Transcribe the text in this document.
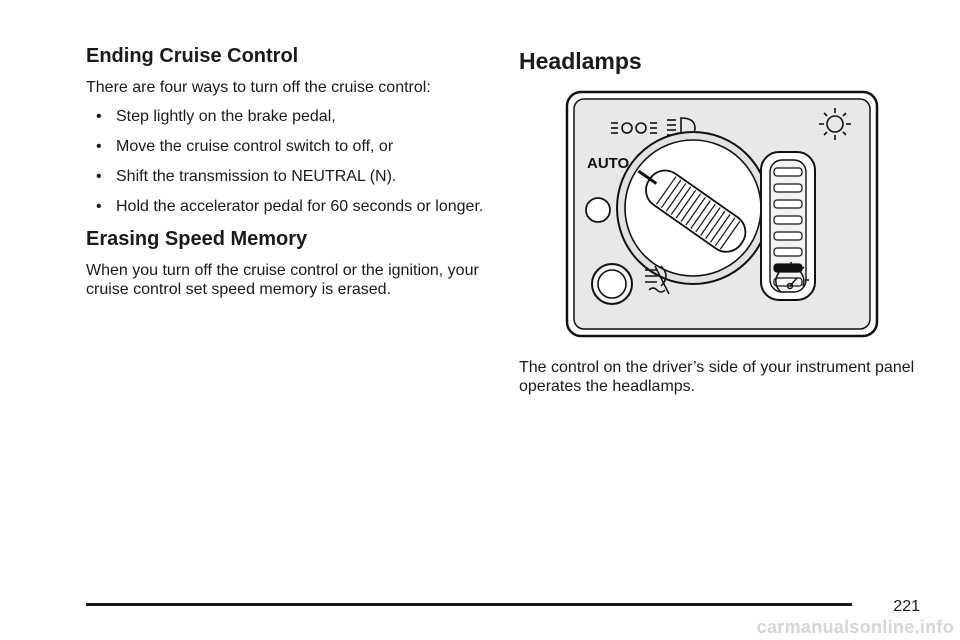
Ending Cruise Control

There are four ways to turn off the cruise control:

• Step lightly on the brake pedal,
• Move the cruise control switch to off, or
• Shift the transmission to NEUTRAL (N).
• Hold the accelerator pedal for 60 seconds or longer.
Erasing Speed Memory

When you turn off the cruise control or the ignition, your cruise control set speed memory is erased.

Headlamps
AUTO

The control on the driver’s side of your instrument panel operates the headlamps.

221
carmanualsonline.info
